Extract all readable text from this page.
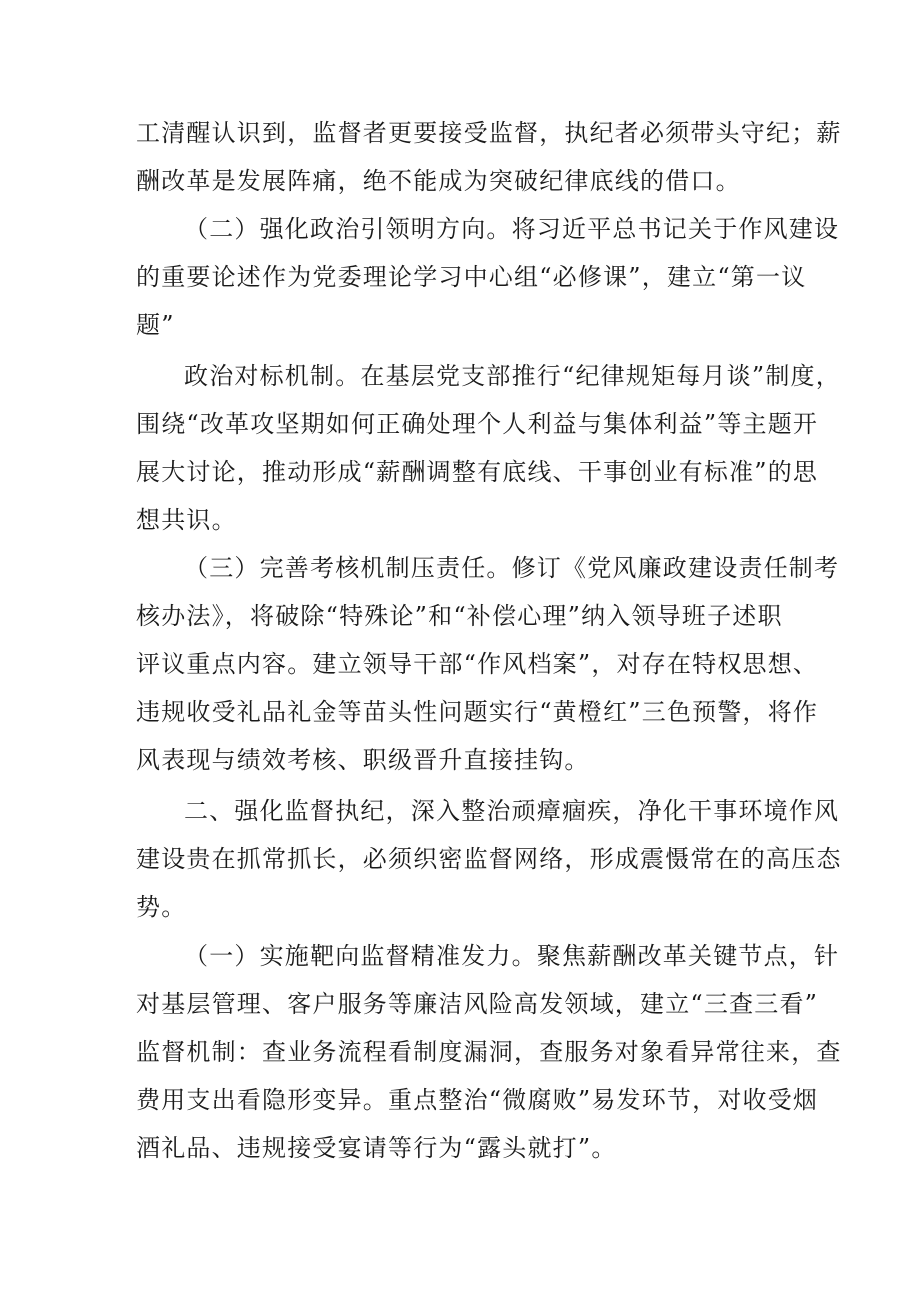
工清醒认识到，监督者更要接受监督，执纪者必须带头守纪；薪
酬改革是发展阵痛，绝不能成为突破纪律底线的借口。
（二）强化政治引领明方向。将习近平总书记关于作风建设
的重要论述作为党委理论学习中心组“必修课”，建立“第一议
题”
政治对标机制。在基层党支部推行“纪律规矩每月谈”制度，
围绕“改革攻坚期如何正确处理个人利益与集体利益”等主题开
展大讨论，推动形成“薪酬调整有底线、干事创业有标准”的思
想共识。
（三）完善考核机制压责任。修订《党风廉政建设责任制考
核办法》，将破除“特殊论”和“补偿心理”纳入领导班子述职
评议重点内容。建立领导干部“作风档案”，对存在特权思想、
违规收受礼品礼金等苗头性问题实行“黄橙红”三色预警，将作
风表现与绩效考核、职级晋升直接挂钩。
二、强化监督执纪，深入整治顽瘴痼疾，净化干事环境作风
建设贵在抓常抓长，必须织密监督网络，形成震慑常在的高压态
势。
（一）实施靶向监督精准发力。聚焦薪酬改革关键节点，针
对基层管理、客户服务等廉洁风险高发领域，建立“三查三看”
监督机制：查业务流程看制度漏洞，查服务对象看异常往来，查
费用支出看隐形变异。重点整治“微腐败”易发环节，对收受烟
酒礼品、违规接受宴请等行为“露头就打”。
